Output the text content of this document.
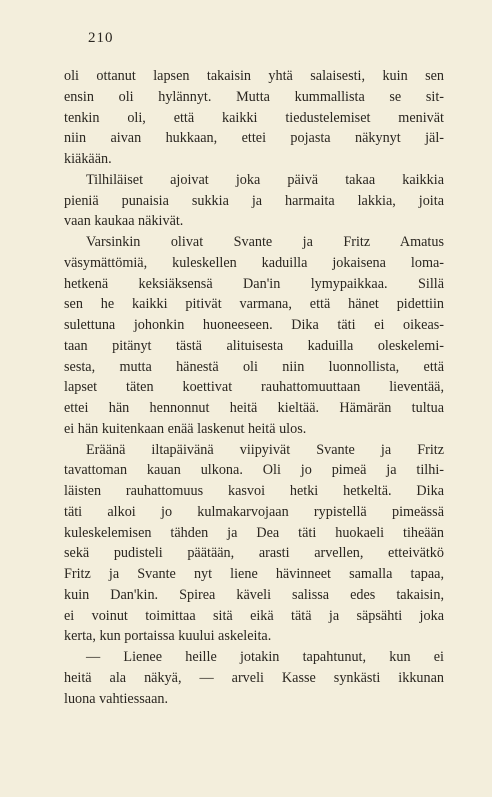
210
oli ottanut lapsen takaisin yhtä salaisesti, kuin sen
ensin oli hylännyt. Mutta kummallista se sit-
tenkin oli, että kaikki tiedustelemiset menivät
niin aivan hukkaan, ettei pojasta näkynyt jäl-
kiäkään.
Tilhiläiset ajoivat joka päivä takaa kaikkia
pieniä punaisia sukkia ja harmaita lakkia, joita
vaan kaukaa näkivät.
Varsinkin olivat Svante ja Fritz Amatus
väsymättömiä, kuleskellen kaduilla jokaisena loma-
hetkenä keksiäksensä Dan'in lymypaikkaa. Sillä
sen he kaikki pitivät varmana, että hänet pidettiin
sulettuna johonkin huoneeseen. Dika täti ei oikeas-
taan pitänyt tästä alituisesta kaduilla oleskelemi-
sesta, mutta hänestä oli niin luonnollista, että
lapset täten koettivat rauhattomuuttaan lieventää,
ettei hän hennonnut heitä kieltää. Hämärän tultua
ei hän kuitenkaan enää laskenut heitä ulos.
Eräänä iltapäivänä viipyivät Svante ja Fritz
tavattoman kauan ulkona. Oli jo pimeä ja tilhi-
läisten rauhattomuus kasvoi hetki hetkeltä. Dika
täti alkoi jo kulmakarvojaan rypistellä pimeässä
kuleskelemisen tähden ja Dea täti huokaeli tiheään
sekä pudisteli päätään, arasti arvellen, etteivätkö
Fritz ja Svante nyt liene hävinneet samalla tapaa,
kuin Dan'kin. Spirea käveli salissa edes takaisin,
ei voinut toimittaa sitä eikä tätä ja säpsähti joka
kerta, kun portaissa kuului askeleita.
— Lienee heille jotakin tapahtunut, kun ei
heitä ala näkyä, — arveli Kasse synkästi ikkunan
luona vahtiessaan.
